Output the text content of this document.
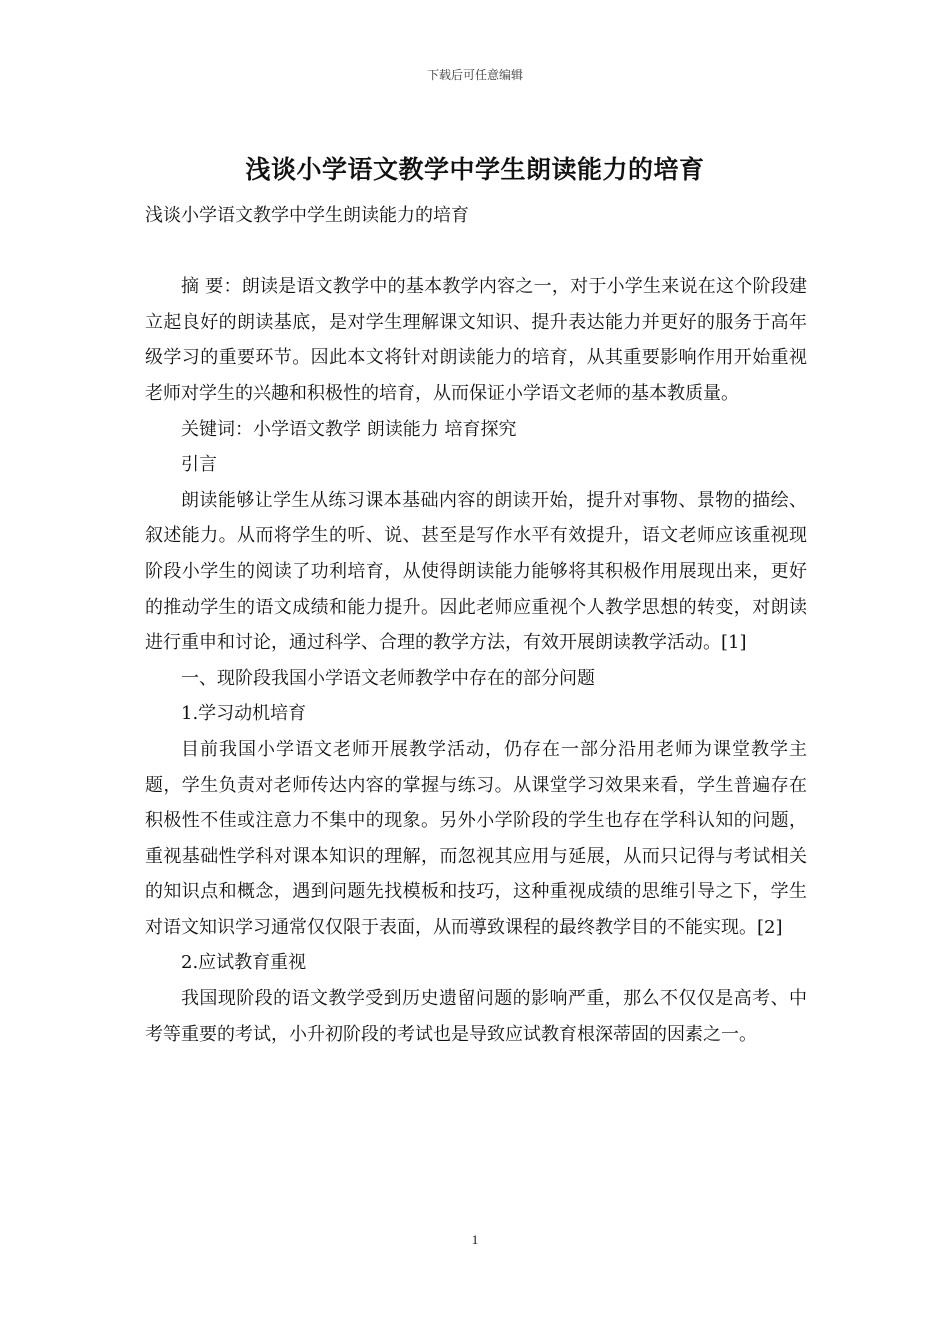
下载后可任意编辑
浅谈小学语文教学中学生朗读能力的培育

浅谈小学语文教学中学生朗读能力的培育

摘 要：朗读是语文教学中的基本教学内容之一，对于小学生来说在这个阶段建立起良好的朗读基底，是对学生理解课文知识、提升表达能力并更好的服务于高年级学习的重要环节。因此本文将针对朗读能力的培育，从其重要影响作用开始重视老师对学生的兴趣和积极性的培育，从而保证小学语文老师的基本教质量。

关键词：小学语文教学 朗读能力 培育探究

引言

朗读能够让学生从练习课本基础内容的朗读开始，提升对事物、景物的描绘、叙述能力。从而将学生的听、说、甚至是写作水平有效提升，语文老师应该重视现阶段小学生的阅读了功利培育，从使得朗读能力能够将其积极作用展现出来，更好的推动学生的语文成绩和能力提升。因此老师应重视个人教学思想的转变，对朗读进行重申和讨论，通过科学、合理的教学方法，有效开展朗读教学活动。[1]

一、现阶段我国小学语文老师教学中存在的部分问题

1.学习动机培育

目前我国小学语文老师开展教学活动，仍存在一部分沿用老师为课堂教学主题，学生负责对老师传达内容的掌握与练习。从课堂学习效果来看，学生普遍存在积极性不佳或注意力不集中的现象。另外小学阶段的学生也存在学科认知的问题，重视基础性学科对课本知识的理解，而忽视其应用与延展，从而只记得与考试相关的知识点和概念，遇到问题先找模板和技巧，这种重视成绩的思维引导之下，学生对语文知识学习通常仅仅限于表面，从而導致课程的最终教学目的不能实现。[2]

2.应试教育重视

我国现阶段的语文教学受到历史遗留问题的影响严重，那么不仅仅是高考、中考等重要的考试，小升初阶段的考试也是导致应试教育根深蒂固的因素之一。

1
